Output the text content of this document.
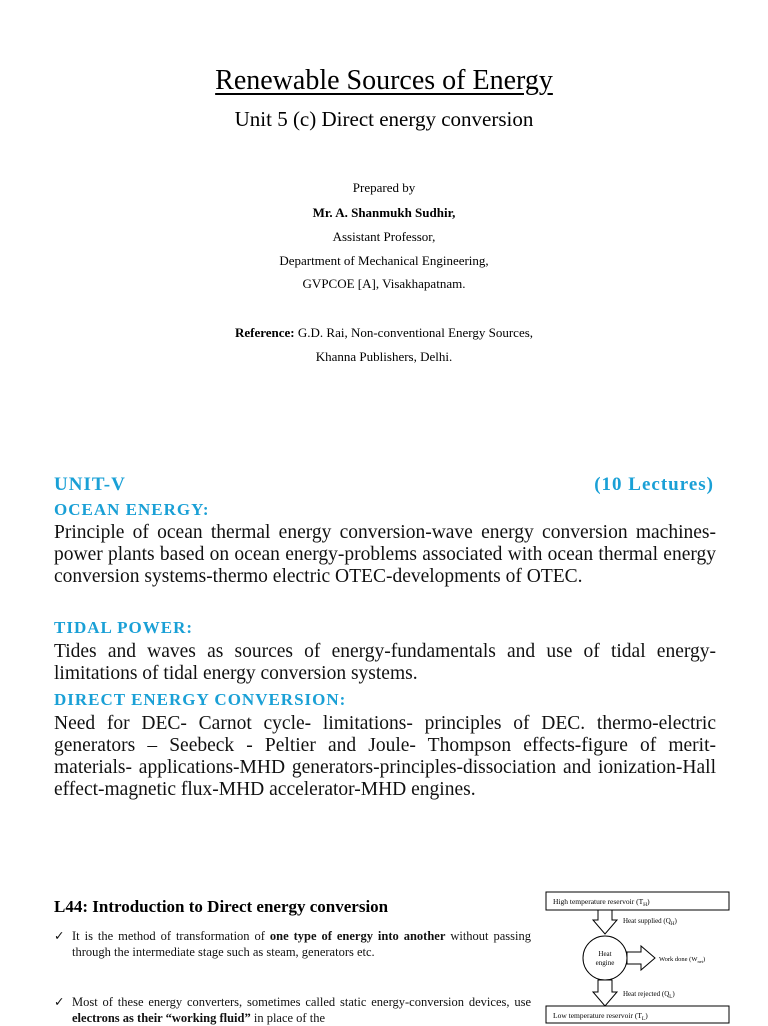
Renewable Sources of Energy
Unit 5 (c) Direct energy conversion
Prepared by
Mr. A. Shanmukh Sudhir,
Assistant Professor,
Department of Mechanical Engineering,
GVPCOE [A], Visakhapatnam.
Reference: G.D. Rai, Non-conventional Energy Sources,
Khanna Publishers, Delhi.
UNIT-V	(10 Lectures)
OCEAN ENERGY:
Principle of ocean thermal energy conversion-wave energy conversion machines-power plants based on ocean energy-problems associated with ocean thermal energy conversion systems-thermo electric OTEC-developments of OTEC.
TIDAL POWER:
Tides and waves as sources of energy-fundamentals and use of tidal energy-limitations of tidal energy conversion systems.
DIRECT ENERGY CONVERSION:
Need for DEC- Carnot cycle- limitations- principles of DEC. thermo-electric generators – Seebeck - Peltier and Joule- Thompson effects-figure of merit- materials- applications-MHD generators-principles-dissociation and ionization-Hall effect-magnetic flux-MHD accelerator-MHD engines.
L44: Introduction to Direct energy conversion
✓ It is the method of transformation of one type of energy into another without passing through the intermediate stage such as steam, generators etc.
✓ Most of these energy converters, sometimes called static energy-conversion devices, use electrons as their “working fluid” in place of the
High temperature reservoir $(T_H)$
Heat supplied $(Q_H)$
Heat
engine	Work done $(W_{net})$
Heat rejected $(Q_L)$
Low temperature reservoir $(T_L)$
